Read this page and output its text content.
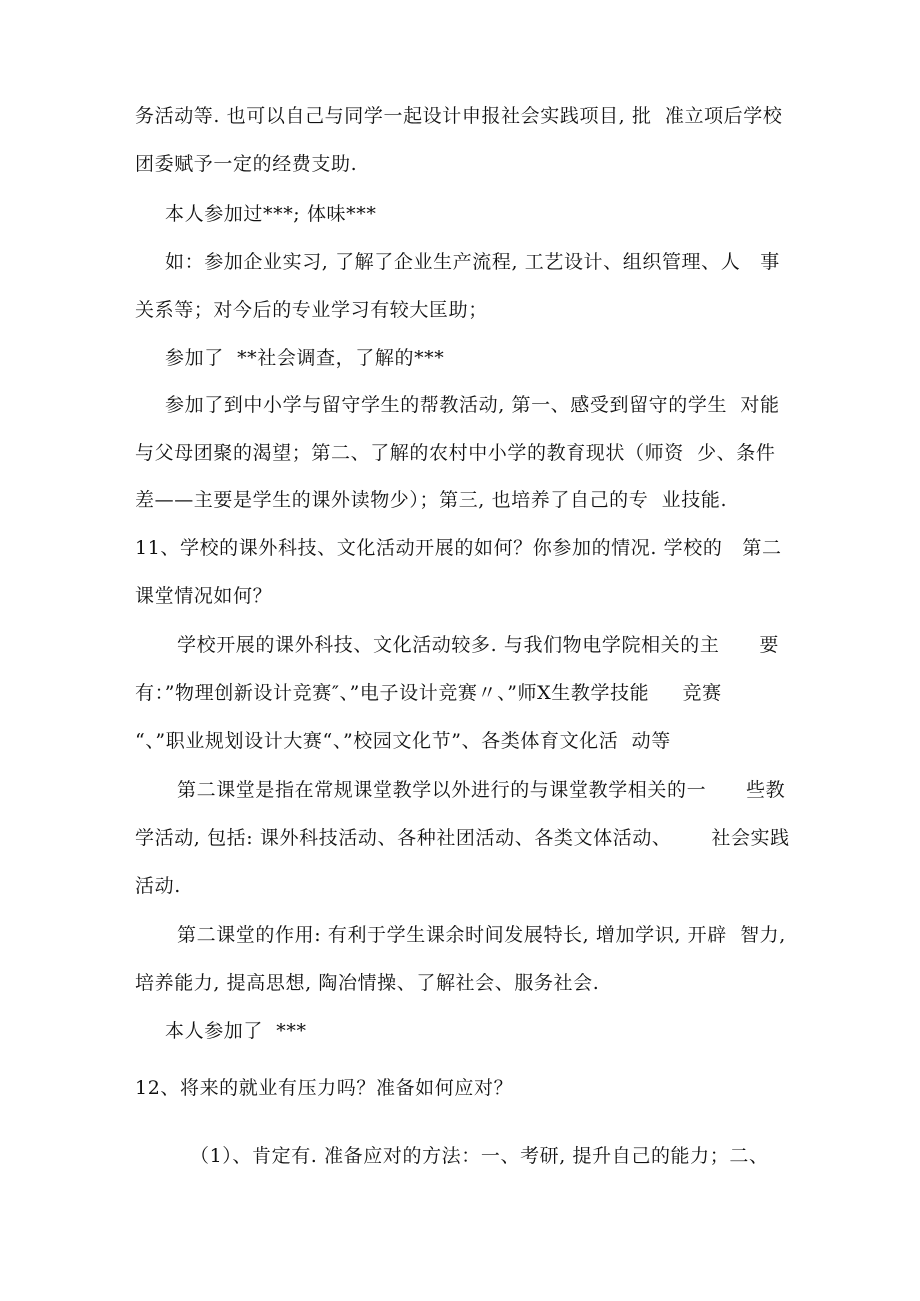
务活动等. 也可以自己与同学一起设计申报社会实践项目, 批  准立项后学校
团委赋予一定的经费支助.
本人参加过***; 体味***
如：参加企业实习, 了解了企业生产流程, 工艺设计、组织管理、人   事
关系等；对今后的专业学习有较大匡助；
参加了  **社会调查，了解的***
参加了到中小学与留守学生的帮教活动, 第一、感受到留守的学生  对能
与父母团聚的渴望；第二、了解的农村中小学的教育现状（师资  少、条件
差——主要是学生的课外读物少）；第三, 也培养了自己的专  业技能.
11、学校的课外科技、文化活动开展的如何？你参加的情况. 学校的   第二
课堂情况如何？
学校开展的课外科技、文化活动较多. 与我们物电学院相关的主      要
有：”物理创新设计竞赛″、”电子设计竞赛〃、”师X生教学技能     竞赛
“、”职业规划设计大赛“、”校园文化节”、各类体育文化活  动等
第二课堂是指在常规课堂教学以外进行的与课堂教学相关的一      些教
学活动, 包括: 课外科技活动、各种社团活动、各类文体活动、      社会实践
活动.
第二课堂的作用: 有利于学生课余时间发展特长, 增加学识, 开辟  智力,
培养能力, 提高思想, 陶冶情操、了解社会、服务社会.
本人参加了  ***
12、将来的就业有压力吗？准备如何应对？
（1）、肯定有. 准备应对的方法：一、考研, 提升自己的能力；二、
